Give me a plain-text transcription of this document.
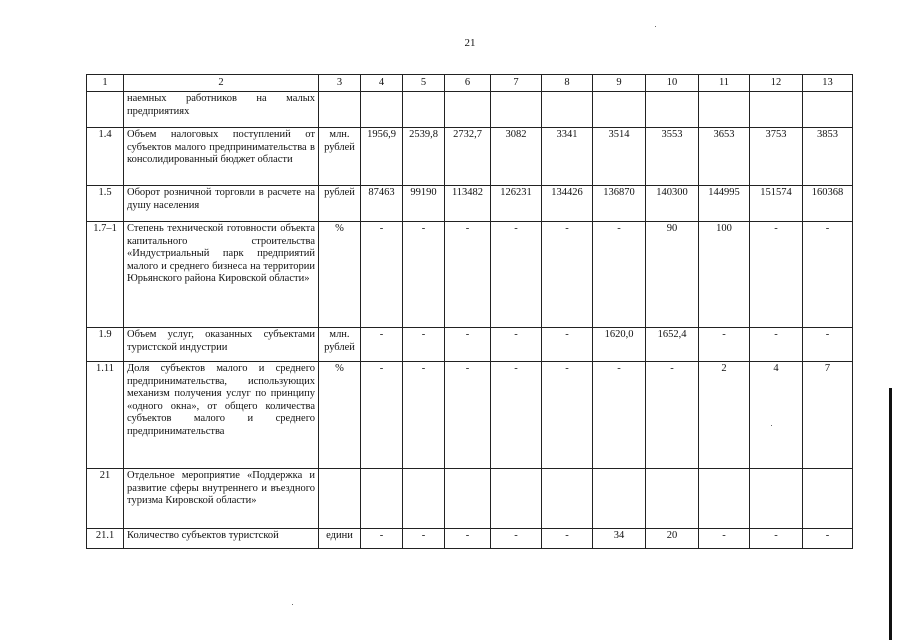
21
1	2	3	4	5	6	7	8	9	10	11	12	13
	наемных работников на малых предприятиях											
1.4	Объем налоговых поступлений от субъектов малого предпринимательства в консолидированный бюджет области	млн. рублей	1956,9	2539,8	2732,7	3082	3341	3514	3553	3653	3753	3853
1.5	Оборот розничной торговли в расчете на душу населения	рублей	87463	99190	113482	126231	134426	136870	140300	144995	151574	160368
1.7–1	Степень технической готовности объекта капитального строительства «Индустриальный парк предприятий малого и среднего бизнеса на территории Юрьянского района Кировской области»	%	-	-	-	-	-	-	90	100	-	-
1.9	Объем услуг, оказанных субъектами туристской индустрии	млн. рублей	-	-	-	-	-	1620,0	1652,4	-	-	-
1.11	Доля субъектов малого и среднего предпринимательства, использующих механизм получения услуг по принципу «одного окна», от общего количества субъектов малого и среднего предпринимательства	%	-	-	-	-	-	-	-	2	4	7
21	Отдельное мероприятие «Поддержка и развитие сферы внутреннего и въездного туризма Кировской области»											
21.1	Количество субъектов туристской	едини	-	-	-	-	-	34	20	-	-	-
